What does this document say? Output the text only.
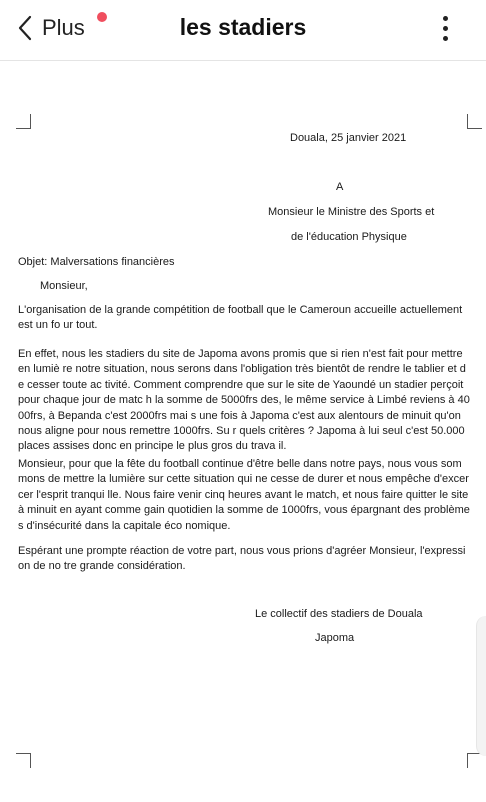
Plus	les stadiers
Douala, 25 janvier 2021
A
Monsieur le Ministre des Sports et
de l'éducation Physique
Objet: Malversations financières
Monsieur,
L'organisation de la grande compétition de football que le Cameroun accueille actuellement est un fo ur tout.
En effet, nous les stadiers du site de Japoma avons promis que si rien n'est fait pour mettre en lumiè re notre situation, nous serons dans l'obligation très bientôt de rendre le tablier et de cesser toute ac tivité. Comment comprendre que sur le site de Yaoundé un stadier perçoit pour chaque jour de matc h la somme de 5000frs des, le même service à Limbé reviens à 4000frs, à Bepanda c'est 2000frs mai s une fois à Japoma c'est aux alentours de minuit qu'on nous aligne pour nous remettre 1000frs. Su r quels critères ? Japoma à lui seul c'est 50.000 places assises donc en principe le plus gros du trava il.
Monsieur, pour que la fête du football continue d'être belle dans notre pays, nous vous sommons de mettre la lumière sur cette situation qui ne cesse de durer et nous empêche d'excercer l'esprit tranqui lle. Nous faire venir cinq heures avant le match, et nous faire quitter le site à minuit en ayant comme gain quotidien la somme de 1000frs, vous épargnant des problèmes d'insécurité dans la capitale éco nomique.
Espérant une prompte réaction de votre part, nous vous prions d'agréer Monsieur, l'expression de no tre grande considération.
Le collectif des stadiers de Douala
Japoma
